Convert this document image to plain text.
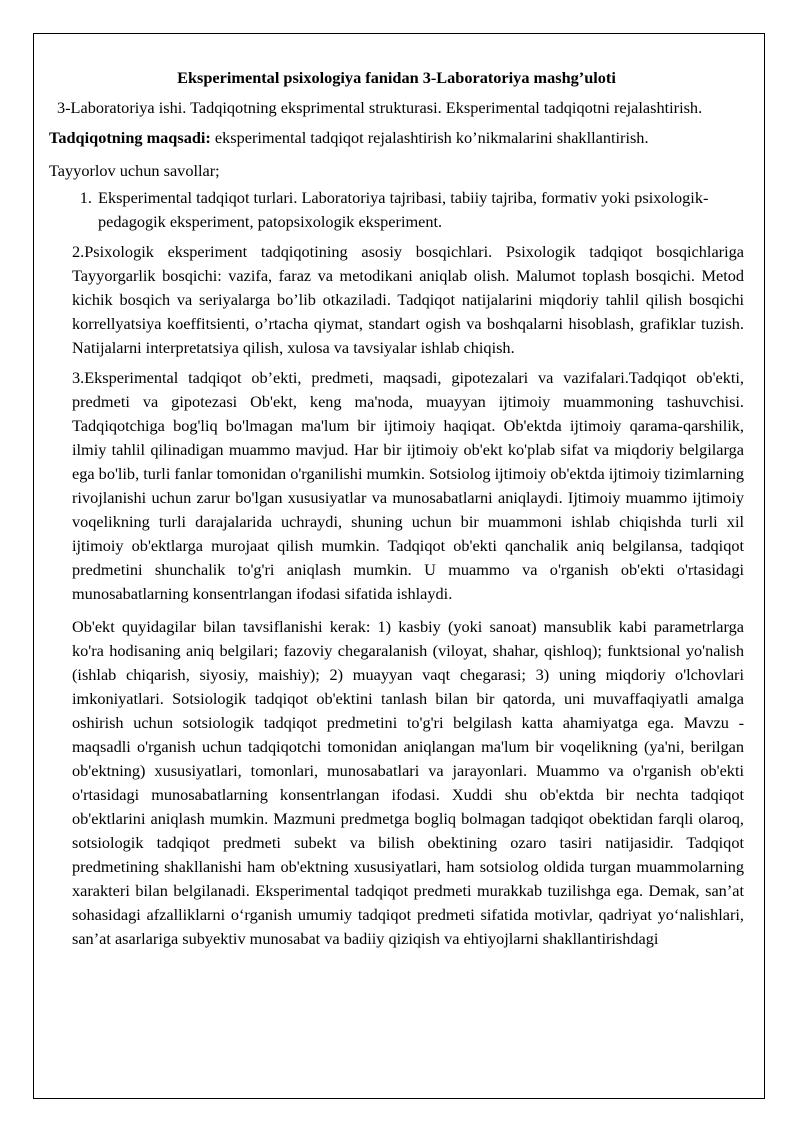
Eksperimental psixologiya fanidan 3-Laboratoriya mashg’uloti

3-Laboratoriya ishi. Tadqiqotning eksprimental strukturasi. Eksperimental tadqiqotni rejalashtirish.

Tadqiqotning maqsadi: eksperimental tadqiqot rejalashtirish ko’nikmalarini shakllantirish.

Tayyorlov uchun savollar;

1. Eksperimental tadqiqot turlari. Laboratoriya tajribasi, tabiiy tajriba, formativ yoki psixologik-pedagogik eksperiment, patopsixologik eksperiment.

2.Psixologik eksperiment tadqiqotining asosiy bosqichlari. Psixologik tadqiqot bosqichlariga Tayyorgarlik bosqichi: vazifa, faraz va metodikani aniqlab olish. Malumot toplash bosqichi. Metod kichik bosqich va seriyalarga bo’lib otkaziladi. Tadqiqot natijalarini miqdoriy tahlil qilish bosqichi korrellyatsiya koeffitsienti, o’rtacha qiymat, standart ogish va boshqalarni hisoblash, grafiklar tuzish. Natijalarni interpretatsiya qilish, xulosa va tavsiyalar ishlab chiqish.

3.Eksperimental tadqiqot ob’ekti, predmeti, maqsadi, gipotezalari va vazifalari.Tadqiqot ob'ekti, predmeti va gipotezasi Ob'ekt, keng ma'noda, muayyan ijtimoiy muammoning tashuvchisi. Tadqiqotchiga bog'liq bo'lmagan ma'lum bir ijtimoiy haqiqat. Ob'ektda ijtimoiy qarama-qarshilik, ilmiy tahlil qilinadigan muammo mavjud. Har bir ijtimoiy ob'ekt ko'plab sifat va miqdoriy belgilarga ega bo'lib, turli fanlar tomonidan o'rganilishi mumkin. Sotsiolog ijtimoiy ob'ektda ijtimoiy tizimlarning rivojlanishi uchun zarur bo'lgan xususiyatlar va munosabatlarni aniqlaydi. Ijtimoiy muammo ijtimoiy voqelikning turli darajalarida uchraydi, shuning uchun bir muammoni ishlab chiqishda turli xil ijtimoiy ob'ektlarga murojaat qilish mumkin. Tadqiqot ob'ekti qanchalik aniq belgilansa, tadqiqot predmetini shunchalik to'g'ri aniqlash mumkin. U muammo va o'rganish ob'ekti o'rtasidagi munosabatlarning konsentrlangan ifodasi sifatida ishlaydi.

Ob'ekt quyidagilar bilan tavsiflanishi kerak: 1) kasbiy (yoki sanoat) mansublik kabi parametrlarga ko'ra hodisaning aniq belgilari; fazoviy chegaralanish (viloyat, shahar, qishloq); funktsional yo'nalish (ishlab chiqarish, siyosiy, maishiy); 2) muayyan vaqt chegarasi; 3) uning miqdoriy o'lchovlari imkoniyatlari. Sotsiologik tadqiqot ob'ektini tanlash bilan bir qatorda, uni muvaffaqiyatli amalga oshirish uchun sotsiologik tadqiqot predmetini to'g'ri belgilash katta ahamiyatga ega. Mavzu - maqsadli o'rganish uchun tadqiqotchi tomonidan aniqlangan ma'lum bir voqelikning (ya'ni, berilgan ob'ektning) xususiyatlari, tomonlari, munosabatlari va jarayonlari. Muammo va o'rganish ob'ekti o'rtasidagi munosabatlarning konsentrlangan ifodasi. Xuddi shu ob'ektda bir nechta tadqiqot ob'ektlarini aniqlash mumkin. Mazmuni predmetga bogliq bolmagan tadqiqot obektidan farqli olaroq, sotsiologik tadqiqot predmeti subekt va bilish obektining ozaro tasiri natijasidir. Tadqiqot predmetining shakllanishi ham ob'ektning xususiyatlari, ham sotsiolog oldida turgan muammolarning xarakteri bilan belgilanadi. Eksperimental tadqiqot predmeti murakkab tuzilishga ega. Demak, san’at sohasidagi afzalliklarni o‘rganish umumiy tadqiqot predmeti sifatida motivlar, qadriyat yo‘nalishlari, san’at asarlariga subyektiv munosabat va badiiy qiziqish va ehtiyojlarni shakllantirishdagi
